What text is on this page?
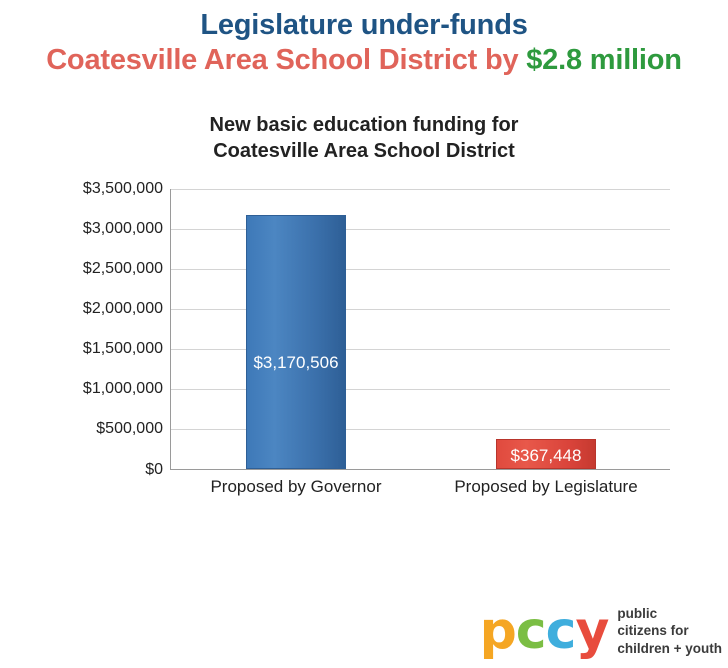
Legislature under-funds
Coatesville Area School District by $2.8 million
New basic education funding for
Coatesville Area School District
$3,500,000
$3,000,000
$2,500,000
$2,000,000
$1,500,000
$1,000,000
$500,000
$0
$3,170,506
$367,448
Proposed by Governor	Proposed by Legislature
pccy public
citizens for
children + youth
